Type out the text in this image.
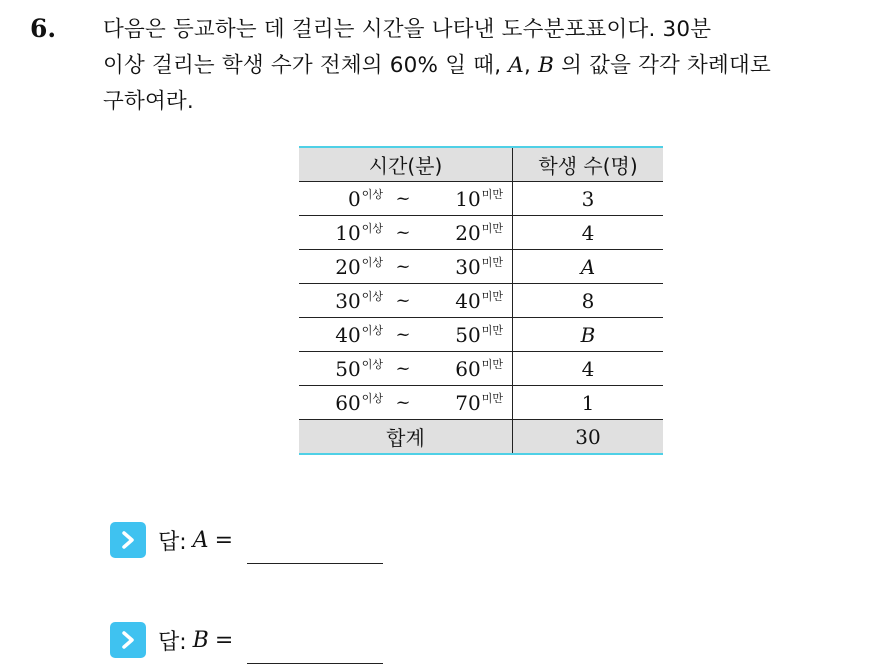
6. 다음은 등교하는 데 걸리는 시간을 나타낸 도수분포표이다. 30분
이상 걸리는 학생 수가 전체의 60% 일 때, A, B 의 값을 각각 차례대로
구하여라.
시간(분)	학생 수(명)

$0^{이상}$ ~ $10^{미만}$	3

$10^{이상}$ ~ $20^{미만}$	4

$20^{이상}$ ~ $30^{미만}$	A

$30^{이상}$ ~ $40^{미만}$	8

$40^{이상}$ ~ $50^{미만}$	B

$50^{이상}$ ~ $60^{미만}$	4

$60^{이상}$ ~ $70^{미만}$	1
합계	30
답: A =
답: B =
